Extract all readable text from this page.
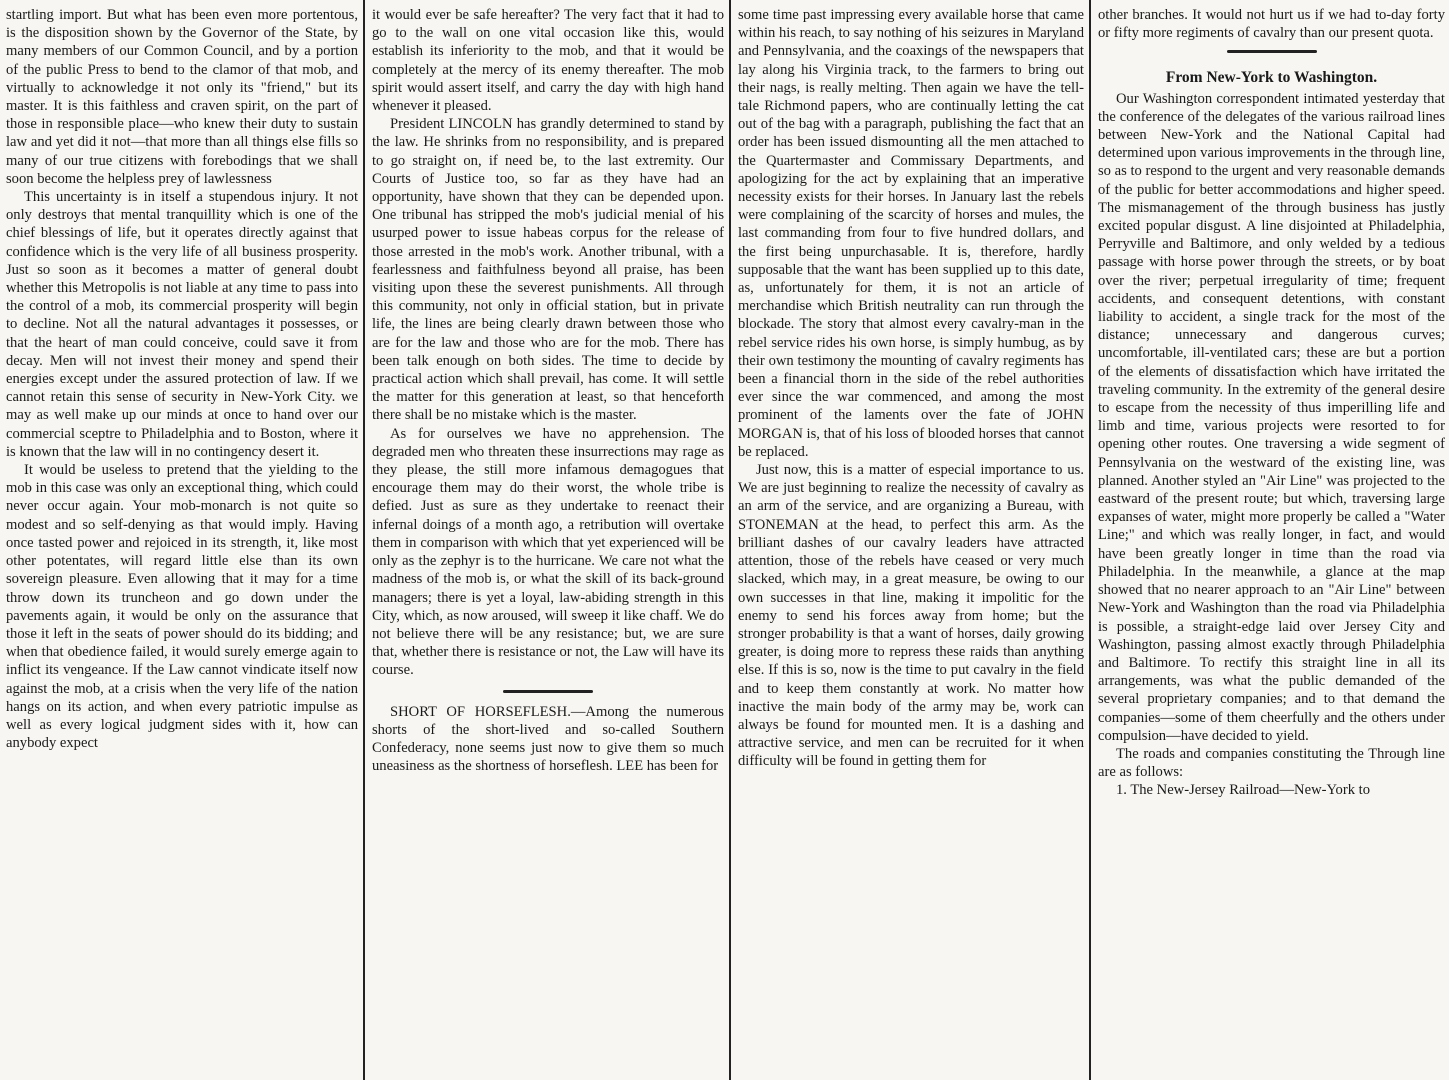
startling import. But what has been even more portentous, is the disposition shown by the Governor of the State, by many members of our Common Council, and by a portion of the public Press to bend to the clamor of that mob, and virtually to acknowledge it not only its "friend," but its master. It is this faithless and craven spirit, on the part of those in responsible place—who knew their duty to sustain law and yet did it not—that more than all things else fills so many of our true citizens with forebodings that we shall soon become the helpless prey of lawlessness

This uncertainty is in itself a stupendous injury. It not only destroys that mental tranquillity which is one of the chief blessings of life, but it operates directly against that confidence which is the very life of all business prosperity. Just so soon as it becomes a matter of general doubt whether this Metropolis is not liable at any time to pass into the control of a mob, its commercial prosperity will begin to decline. Not all the natural advantages it possesses, or that the heart of man could conceive, could save it from decay. Men will not invest their money and spend their energies except under the assured protection of law. If we cannot retain this sense of security in New-York City. we may as well make up our minds at once to hand over our commercial sceptre to Philadelphia and to Boston, where it is known that the law will in no contingency desert it.

It would be useless to pretend that the yielding to the mob in this case was only an exceptional thing, which could never occur again. Your mob-monarch is not quite so modest and so self-denying as that would imply. Having once tasted power and rejoiced in its strength, it, like most other potentates, will regard little else than its own sovereign pleasure. Even allowing that it may for a time throw down its truncheon and go down under the pavements again, it would be only on the assurance that those it left in the seats of power should do its bidding; and when that obedience failed, it would surely emerge again to inflict its vengeance. If the Law cannot vindicate itself now against the mob, at a crisis when the very life of the nation hangs on its action, and when every patriotic impulse as well as every logical judgment sides with it, how can anybody expect

it would ever be safe hereafter? The very fact that it had to go to the wall on one vital occasion like this, would establish its inferiority to the mob, and that it would be completely at the mercy of its enemy thereafter. The mob spirit would assert itself, and carry the day with high hand whenever it pleased.

President LINCOLN has grandly determined to stand by the law. He shrinks from no responsibility, and is prepared to go straight on, if need be, to the last extremity. Our Courts of Justice too, so far as they have had an opportunity, have shown that they can be depended upon. One tribunal has stripped the mob's judicial menial of his usurped power to issue habeas corpus for the release of those arrested in the mob's work. Another tribunal, with a fearlessness and faithfulness beyond all praise, has been visiting upon these the severest punishments. All through this community, not only in official station, but in private life, the lines are being clearly drawn between those who are for the law and those who are for the mob. There has been talk enough on both sides. The time to decide by practical action which shall prevail, has come. It will settle the matter for this generation at least, so that henceforth there shall be no mistake which is the master.

As for ourselves we have no apprehension. The degraded men who threaten these insurrections may rage as they please, the still more infamous demagogues that encourage them may do their worst, the whole tribe is defied. Just as sure as they undertake to reenact their infernal doings of a month ago, a retribution will overtake them in comparison with which that yet experienced will be only as the zephyr is to the hurricane. We care not what the madness of the mob is, or what the skill of its back-ground managers; there is yet a loyal, law-abiding strength in this City, which, as now aroused, will sweep it like chaff. We do not believe there will be any resistance; but, we are sure that, whether there is resistance or not, the Law will have its course.

SHORT OF HORSEFLESH.—Among the numerous shorts of the short-lived and so-called Southern Confederacy, none seems just now to give them so much uneasiness as the shortness of horseflesh. LEE has been for

some time past impressing every available horse that came within his reach, to say nothing of his seizures in Maryland and Pennsylvania, and the coaxings of the newspapers that lay along his Virginia track, to the farmers to bring out their nags, is really melting. Then again we have the tell-tale Richmond papers, who are continually letting the cat out of the bag with a paragraph, publishing the fact that an order has been issued dismounting all the men attached to the Quartermaster and Commissary Departments, and apologizing for the act by explaining that an imperative necessity exists for their horses. In January last the rebels were complaining of the scarcity of horses and mules, the last commanding from four to five hundred dollars, and the first being unpurchasable. It is, therefore, hardly supposable that the want has been supplied up to this date, as, unfortunately for them, it is not an article of merchandise which British neutrality can run through the blockade. The story that almost every cavalry-man in the rebel service rides his own horse, is simply humbug, as by their own testimony the mounting of cavalry regiments has been a financial thorn in the side of the rebel authorities ever since the war commenced, and among the most prominent of the laments over the fate of JOHN MORGAN is, that of his loss of blooded horses that cannot be replaced.

Just now, this is a matter of especial importance to us. We are just beginning to realize the necessity of cavalry as an arm of the service, and are organizing a Bureau, with STONEMAN at the head, to perfect this arm. As the brilliant dashes of our cavalry leaders have attracted attention, those of the rebels have ceased or very much slacked, which may, in a great measure, be owing to our own successes in that line, making it impolitic for the enemy to send his forces away from home; but the stronger probability is that a want of horses, daily growing greater, is doing more to repress these raids than anything else. If this is so, now is the time to put cavalry in the field and to keep them constantly at work. No matter how inactive the main body of the army may be, work can always be found for mounted men. It is a dashing and attractive service, and men can be recruited for it when difficulty will be found in getting them for

other branches. It would not hurt us if we had to-day forty or fifty more regiments of cavalry than our present quota.

From New-York to Washington.

Our Washington correspondent intimated yesterday that the conference of the delegates of the various railroad lines between New-York and the National Capital had determined upon various improvements in the through line, so as to respond to the urgent and very reasonable demands of the public for better accommodations and higher speed. The mismanagement of the through business has justly excited popular disgust. A line disjointed at Philadelphia, Perryville and Baltimore, and only welded by a tedious passage with horse power through the streets, or by boat over the river; perpetual irregularity of time; frequent accidents, and consequent detentions, with constant liability to accident, a single track for the most of the distance; unnecessary and dangerous curves; uncomfortable, ill-ventilated cars; these are but a portion of the elements of dissatisfaction which have irritated the traveling community. In the extremity of the general desire to escape from the necessity of thus imperilling life and limb and time, various projects were resorted to for opening other routes. One traversing a wide segment of Pennsylvania on the westward of the existing line, was planned. Another styled an "Air Line" was projected to the eastward of the present route; but which, traversing large expanses of water, might more properly be called a "Water Line;" and which was really longer, in fact, and would have been greatly longer in time than the road via Philadelphia. In the meanwhile, a glance at the map showed that no nearer approach to an "Air Line" between New-York and Washington than the road via Philadelphia is possible, a straight-edge laid over Jersey City and Washington, passing almost exactly through Philadelphia and Baltimore. To rectify this straight line in all its arrangements, was what the public demanded of the several proprietary companies; and to that demand the companies—some of them cheerfully and the others under compulsion—have decided to yield.

The roads and companies constituting the Through line are as follows:

1. The New-Jersey Railroad—New-York to
